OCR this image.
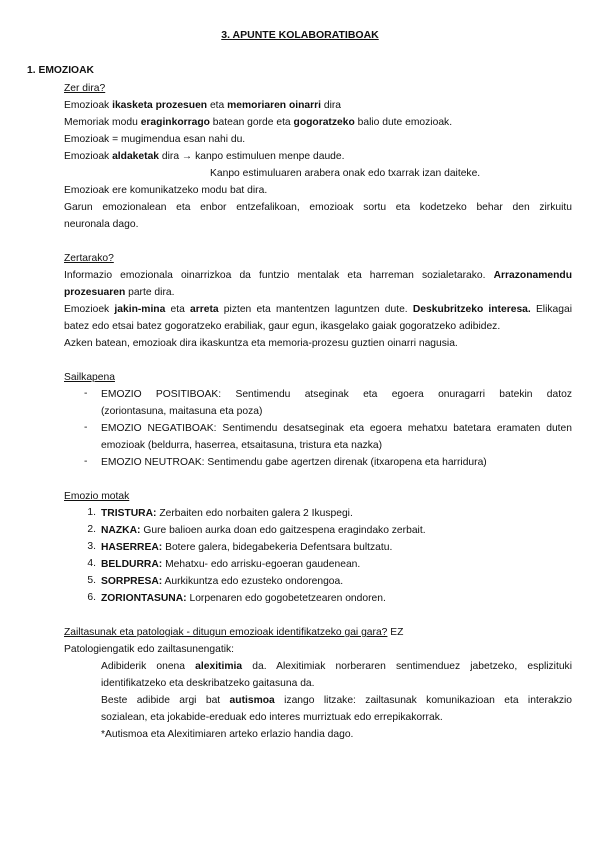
3. APUNTE KOLABORATIBOAK
1. EMOZIOAK
Zer dira?
Emozioak ikasketa prozesuen eta memoriaren oinarri dira
Memoriak modu eraginkorrago batean gorde eta gogoratzeko balio dute emozioak.
Emozioak = mugimendua esan nahi du.
Emozioak aldaketak dira → kanpo estimuluen menpe daude.
Kanpo estimuluaren arabera onak edo txarrak izan daiteke.
Emozioak ere komunikatzeko modu bat dira.
Garun emozionalean eta enbor entzefalikoan, emozioak sortu eta kodetzeko behar den zirkuitu
neuronala dago.
Zertarako?
Informazio emozionala oinarrizkoa da funtzio mentalak eta harreman sozialetarako. Arrazonamendu
prozesuaren parte dira.
Emozioek jakin-mina eta arreta pizten eta mantentzen laguntzen dute. Deskubritzeko interesa. Elikagai
batez edo etsai batez gogoratzeko erabiliak, gaur egun, ikasgelako gaiak gogoratzeko adibidez.
Azken batean, emozioak dira ikaskuntza eta memoria-prozesu guztien oinarri nagusia.
Sailkapena
- EMOZIO POSITIBOAK: Sentimendu atseginak eta egoera onuragarri batekin datoz
(zoriontasuna, maitasuna eta poza)
- EMOZIO NEGATIBOAK: Sentimendu desatseginak eta egoera mehatxu batetara eramaten duten
emozioak (beldurra, haserrea, etsaitasuna, tristura eta nazka)
- EMOZIO NEUTROAK: Sentimendu gabe agertzen direnak (itxaropena eta harridura)
Emozio motak
1. TRISTURA: Zerbaiten edo norbaiten galera 2 Ikuspegi.
2. NAZKA: Gure balioen aurka doan edo gaitzespena eragindako zerbait.
3. HASERREA: Botere galera, bidegabekeria Defentsara bultzatu.
4. BELDURRA: Mehatxu- edo arrisku-egoeran gaudenean.
5. SORPRESA: Aurkikuntza edo ezusteko ondorengoa.
6. ZORIONTASUNA: Lorpenaren edo gogobetetzearen ondoren.
Zailtasunak eta patologiak - ditugun emozioak identifikatzeko gai gara? EZ
Patologiengatik edo zailtasunengatik:
Adibiderik onena alexitimia da. Alexitimiak norberaren sentimenduez jabetzeko, esplizituki
identifikatzeko eta deskribatzeko gaitasuna da.
Beste adibide argi bat autismoa izango litzake: zailtasunak komunikazioan eta interakzio
sozialean, eta jokabide-ereduak edo interes murriztuak edo errepikakorrak.
*Autismoa eta Alexitimiaren arteko erlazio handia dago.
